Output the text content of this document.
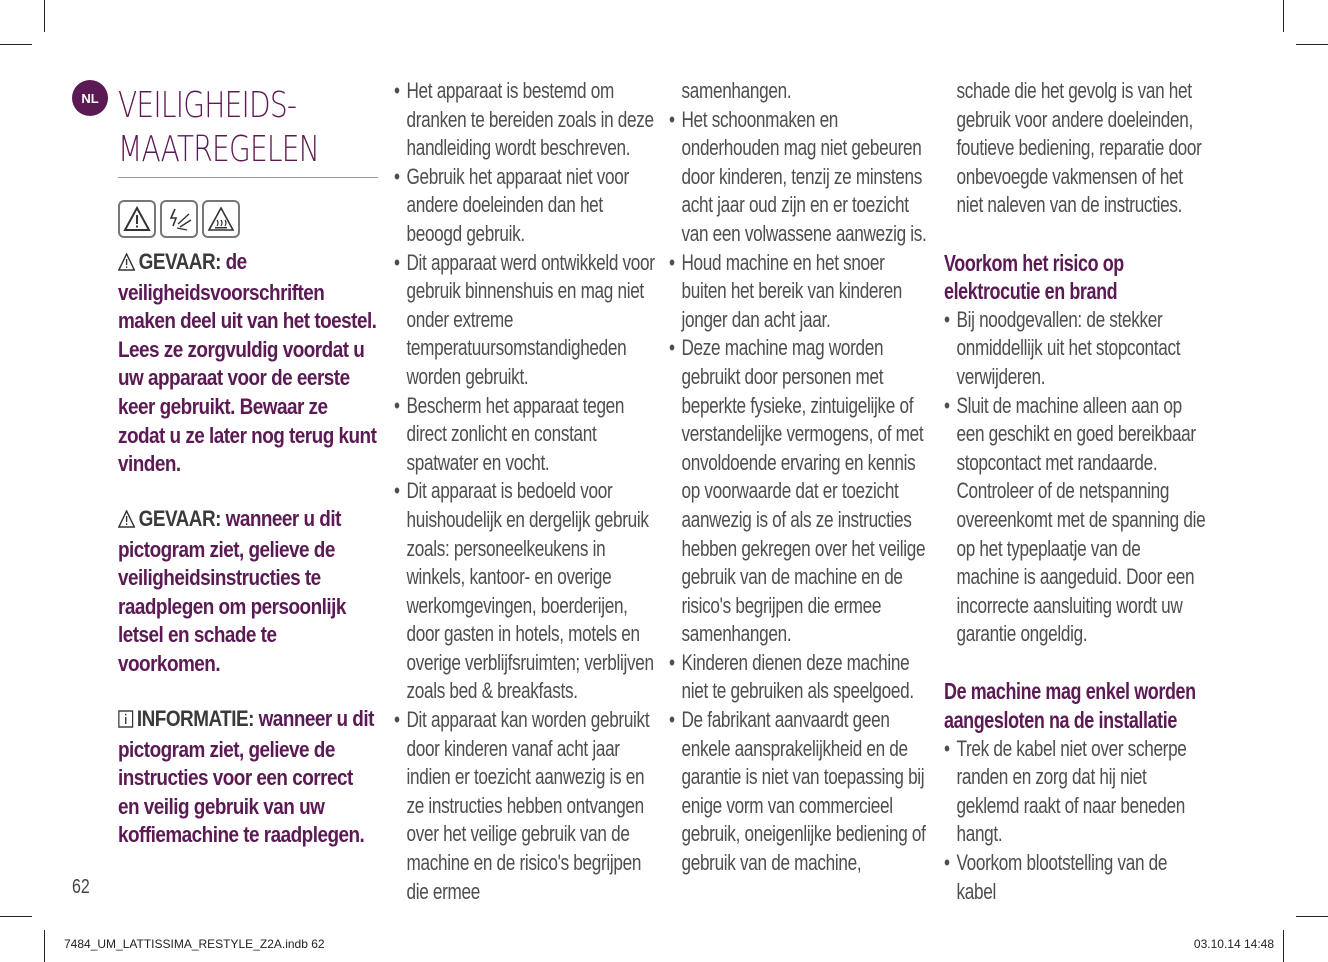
NL VEILIGHEIDS-
MAATREGELEN
GEVAAR: de veiligheidsvoorschriften maken deel uit van het toestel. Lees ze zorgvuldig voordat u uw apparaat voor de eerste keer gebruikt. Bewaar ze zodat u ze later nog terug kunt vinden.
GEVAAR: wanneer u dit pictogram ziet, gelieve de veiligheidsinstructies te raadplegen om persoonlijk letsel en schade te voorkomen.
INFORMATIE: wanneer u dit pictogram ziet, gelieve de instructies voor een correct en veilig gebruik van uw koffiemachine te raadplegen.

• Het apparaat is bestemd om dranken te bereiden zoals in deze handleiding wordt beschreven.

• Gebruik het apparaat niet voor andere doeleinden dan het beoogd gebruik.

• Dit apparaat werd ontwikkeld voor gebruik binnenshuis en mag niet onder extreme temperatuursomstandigheden worden gebruikt.

• Bescherm het apparaat tegen direct zonlicht en constant spatwater en vocht.

• Dit apparaat is bedoeld voor huishoudelijk en dergelijk gebruik zoals: personeelkeukens in winkels, kantoor- en overige werkomgevingen, boerderijen, door gasten in hotels, motels en overige verblijfsruimten; verblijven zoals bed & breakfasts.

• Dit apparaat kan worden gebruikt door kinderen vanaf acht jaar indien er toezicht aanwezig is en ze instructies hebben ontvangen over het veilige gebruik van de machine en de risico's begrijpen die ermee

samenhangen.

• Het schoonmaken en onderhouden mag niet gebeuren door kinderen, tenzij ze minstens acht jaar oud zijn en er toezicht van een volwassene aanwezig is.

• Houd machine en het snoer buiten het bereik van kinderen jonger dan acht jaar.

• Deze machine mag worden gebruikt door personen met beperkte fysieke, zintuigelijke of verstandelijke vermogens, of met onvoldoende ervaring en kennis op voorwaarde dat er toezicht aanwezig is of als ze instructies hebben gekregen over het veilige gebruik van de machine en de risico's begrijpen die ermee samenhangen.

• Kinderen dienen deze machine niet te gebruiken als speelgoed.

• De fabrikant aanvaardt geen enkele aansprakelijkheid en de garantie is niet van toepassing bij enige vorm van commercieel gebruik, oneigenlijke bediening of gebruik van de machine,

schade die het gevolg is van het gebruik voor andere doeleinden, foutieve bediening, reparatie door onbevoegde vakmensen of het niet naleven van de instructies.

Voorkom het risico op elektrocutie en brand

• Bij noodgevallen: de stekker onmiddellijk uit het stopcontact verwijderen.

• Sluit de machine alleen aan op een geschikt en goed bereikbaar stopcontact met randaarde. Controleer of de netspanning overeenkomt met de spanning die op het typeplaatje van de machine is aangeduid. Door een incorrecte aansluiting wordt uw garantie ongeldig.

De machine mag enkel worden aangesloten na de installatie

• Trek de kabel niet over scherpe randen en zorg dat hij niet geklemd raakt of naar beneden hangt.

• Voorkom blootstelling van de kabel

62
7484_UM_LATTISSIMA_RESTYLE_Z2A.indb 62	03.10.14 14:48
